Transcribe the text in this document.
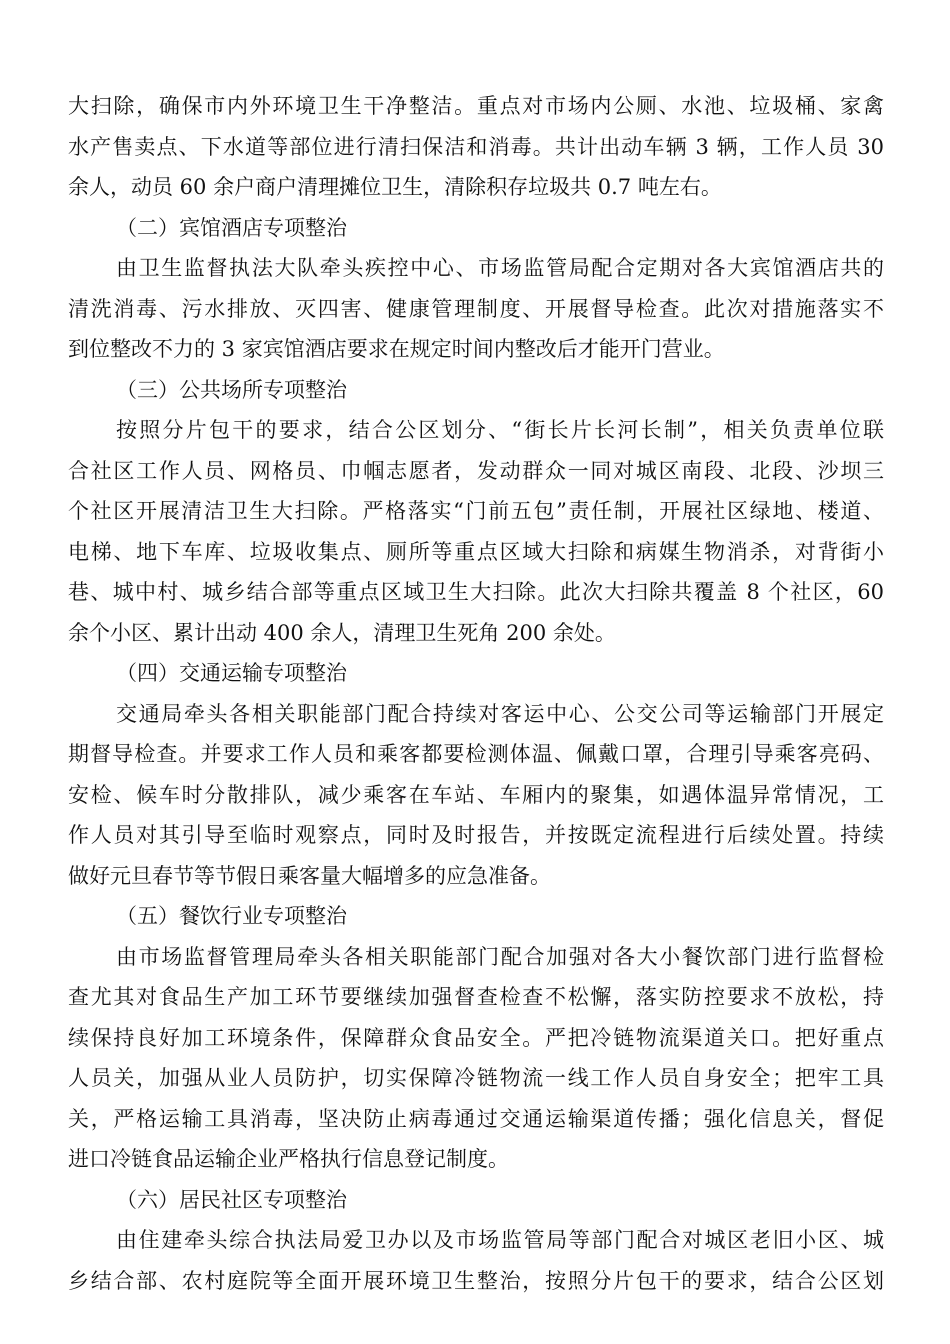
大扫除，确保市内外环境卫生干净整洁。重点对市场内公厕、水池、垃圾桶、家禽
水产售卖点、下水道等部位进行清扫保洁和消毒。共计出动车辆 3 辆，工作人员 30
余人，动员 60 余户商户清理摊位卫生，清除积存垃圾共 0.7 吨左右。
（二）宾馆酒店专项整治
由卫生监督执法大队牵头疾控中心、市场监管局配合定期对各大宾馆酒店共的
清洗消毒、污水排放、灭四害、健康管理制度、开展督导检查。此次对措施落实不
到位整改不力的 3 家宾馆酒店要求在规定时间内整改后才能开门营业。
（三）公共场所专项整治
按照分片包干的要求，结合公区划分、“街长片长河长制”，相关负责单位联
合社区工作人员、网格员、巾帼志愿者，发动群众一同对城区南段、北段、沙坝三
个社区开展清洁卫生大扫除。严格落实“门前五包”责任制，开展社区绿地、楼道、
电梯、地下车库、垃圾收集点、厕所等重点区域大扫除和病媒生物消杀，对背街小
巷、城中村、城乡结合部等重点区域卫生大扫除。此次大扫除共覆盖 8 个社区，60
余个小区、累计出动 400 余人，清理卫生死角 200 余处。
（四）交通运输专项整治
交通局牵头各相关职能部门配合持续对客运中心、公交公司等运输部门开展定
期督导检查。并要求工作人员和乘客都要检测体温、佩戴口罩，合理引导乘客亮码、
安检、候车时分散排队，减少乘客在车站、车厢内的聚集，如遇体温异常情况，工
作人员对其引导至临时观察点，同时及时报告，并按既定流程进行后续处置。持续
做好元旦春节等节假日乘客量大幅增多的应急准备。
（五）餐饮行业专项整治
由市场监督管理局牵头各相关职能部门配合加强对各大小餐饮部门进行监督检
查尤其对食品生产加工环节要继续加强督查检查不松懈，落实防控要求不放松，持
续保持良好加工环境条件，保障群众食品安全。严把冷链物流渠道关口。把好重点
人员关，加强从业人员防护，切实保障冷链物流一线工作人员自身安全；把牢工具
关，严格运输工具消毒，坚决防止病毒通过交通运输渠道传播；强化信息关，督促
进口冷链食品运输企业严格执行信息登记制度。
（六）居民社区专项整治
由住建牵头综合执法局爱卫办以及市场监管局等部门配合对城区老旧小区、城
乡结合部、农村庭院等全面开展环境卫生整治，按照分片包干的要求，结合公区划
